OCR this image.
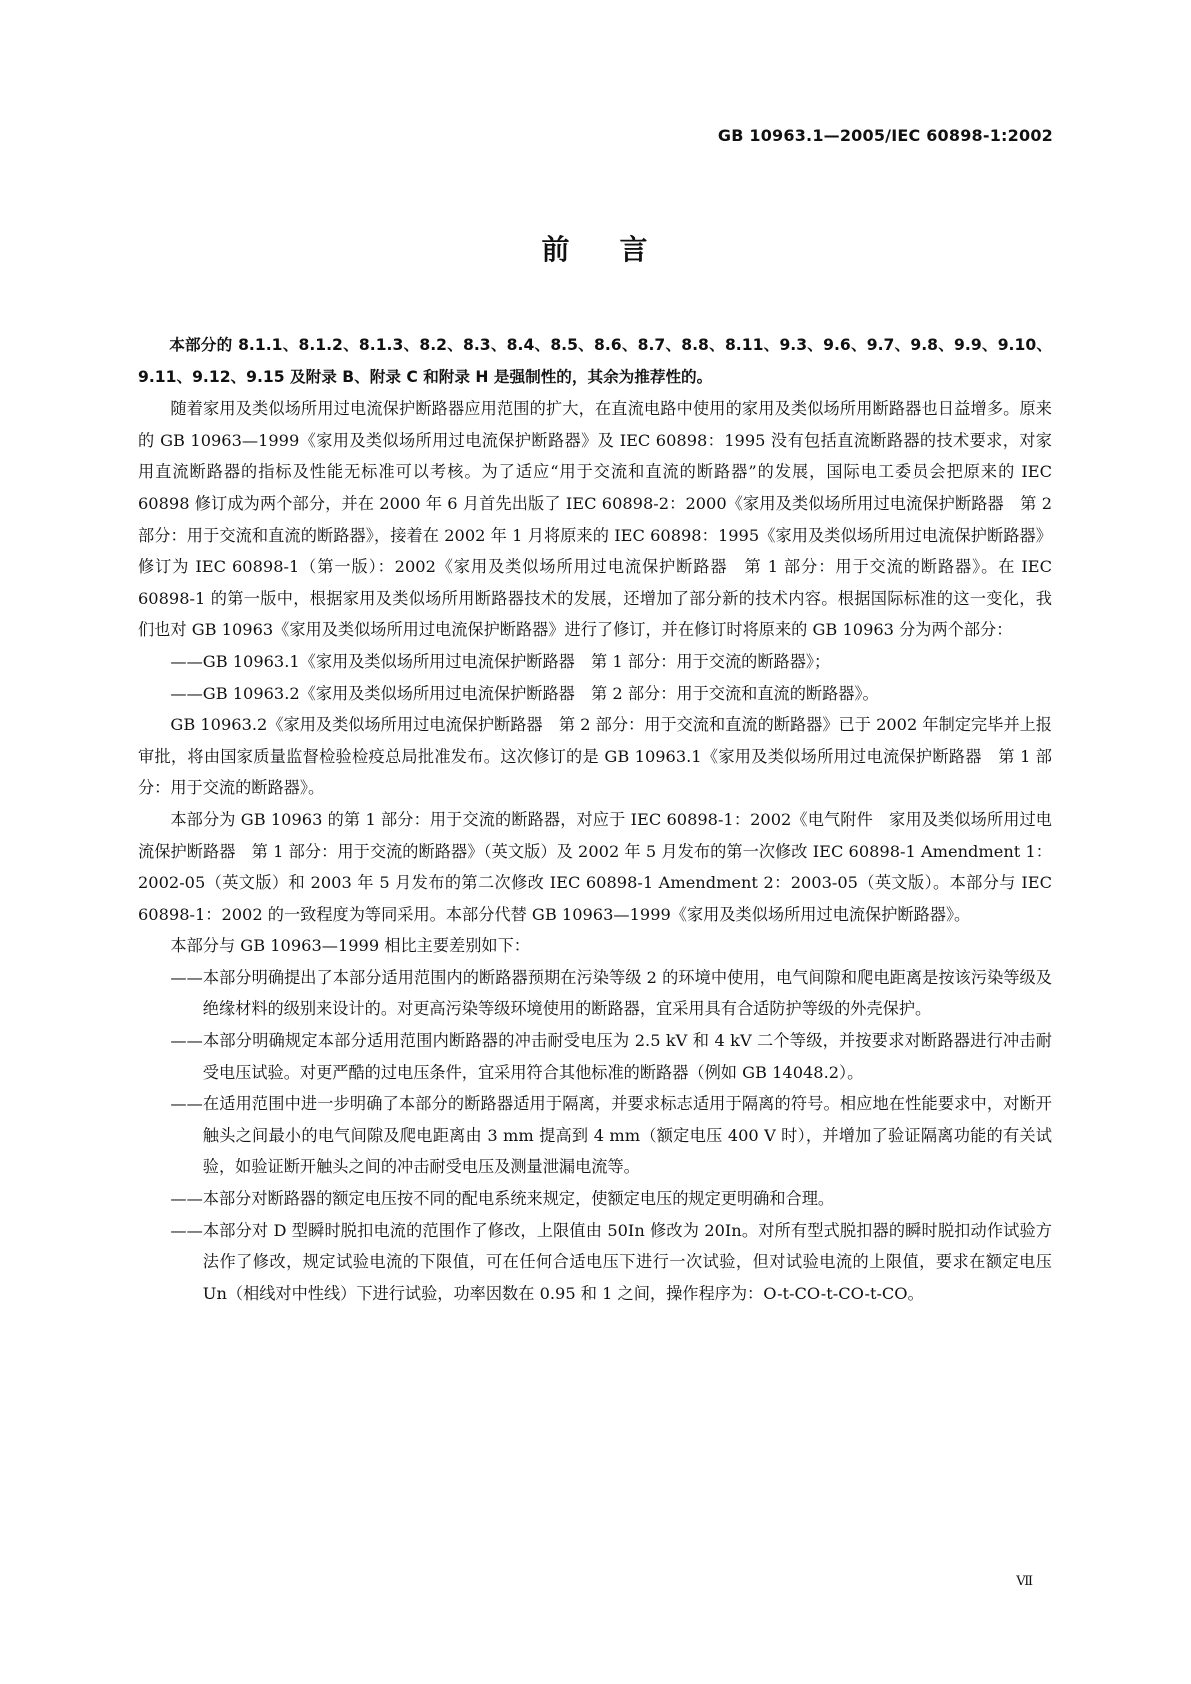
GB 10963.1—2005/IEC 60898-1:2002
前 言

本部分的 8.1.1、8.1.2、8.1.3、8.2、8.3、8.4、8.5、8.6、8.7、8.8、8.11、9.3、9.6、9.7、9.8、9.9、9.10、9.11、9.12、9.15 及附录 B、附录 C 和附录 H 是强制性的，其余为推荐性的。

随着家用及类似场所用过电流保护断路器应用范围的扩大，在直流电路中使用的家用及类似场所用断路器也日益增多。原来的 GB 10963—1999《家用及类似场所用过电流保护断路器》及 IEC 60898：1995 没有包括直流断路器的技术要求，对家用直流断路器的指标及性能无标准可以考核。为了适应“用于交流和直流的断路器”的发展，国际电工委员会把原来的 IEC 60898 修订成为两个部分，并在 2000 年 6 月首先出版了 IEC 60898-2：2000《家用及类似场所用过电流保护断路器　第 2 部分：用于交流和直流的断路器》，接着在 2002 年 1 月将原来的 IEC 60898：1995《家用及类似场所用过电流保护断路器》修订为 IEC 60898-1（第一版）：2002《家用及类似场所用过电流保护断路器　第 1 部分：用于交流的断路器》。在 IEC 60898-1 的第一版中，根据家用及类似场所用断路器技术的发展，还增加了部分新的技术内容。根据国际标准的这一变化，我们也对 GB 10963《家用及类似场所用过电流保护断路器》进行了修订，并在修订时将原来的 GB 10963 分为两个部分：

——GB 10963.1《家用及类似场所用过电流保护断路器　第 1 部分：用于交流的断路器》；

——GB 10963.2《家用及类似场所用过电流保护断路器　第 2 部分：用于交流和直流的断路器》。

GB 10963.2《家用及类似场所用过电流保护断路器　第 2 部分：用于交流和直流的断路器》已于 2002 年制定完毕并上报审批，将由国家质量监督检验检疫总局批准发布。这次修订的是 GB 10963.1《家用及类似场所用过电流保护断路器　第 1 部分：用于交流的断路器》。

本部分为 GB 10963 的第 1 部分：用于交流的断路器，对应于 IEC 60898-1：2002《电气附件　家用及类似场所用过电流保护断路器　第 1 部分：用于交流的断路器》（英文版）及 2002 年 5 月发布的第一次修改 IEC 60898-1 Amendment 1：2002-05（英文版）和 2003 年 5 月发布的第二次修改 IEC 60898-1 Amendment 2：2003-05（英文版）。本部分与 IEC 60898-1：2002 的一致程度为等同采用。本部分代替 GB 10963—1999《家用及类似场所用过电流保护断路器》。

本部分与 GB 10963—1999 相比主要差别如下：

——本部分明确提出了本部分适用范围内的断路器预期在污染等级 2 的环境中使用，电气间隙和爬电距离是按该污染等级及绝缘材料的级别来设计的。对更高污染等级环境使用的断路器，宜采用具有合适防护等级的外壳保护。

——本部分明确规定本部分适用范围内断路器的冲击耐受电压为 2.5 kV 和 4 kV 二个等级，并按要求对断路器进行冲击耐受电压试验。对更严酷的过电压条件，宜采用符合其他标准的断路器（例如 GB 14048.2）。

——在适用范围中进一步明确了本部分的断路器适用于隔离，并要求标志适用于隔离的符号。相应地在性能要求中，对断开触头之间最小的电气间隙及爬电距离由 3 mm 提高到 4 mm（额定电压 400 V 时），并增加了验证隔离功能的有关试验，如验证断开触头之间的冲击耐受电压及测量泄漏电流等。

——本部分对断路器的额定电压按不同的配电系统来规定，使额定电压的规定更明确和合理。

——本部分对 D 型瞬时脱扣电流的范围作了修改，上限值由 50In 修改为 20In。对所有型式脱扣器的瞬时脱扣动作试验方法作了修改，规定试验电流的下限值，可在任何合适电压下进行一次试验，但对试验电流的上限值，要求在额定电压 Un（相线对中性线）下进行试验，功率因数在 0.95 和 1 之间，操作程序为：O-t-CO-t-CO-t-CO。

Ⅶ
